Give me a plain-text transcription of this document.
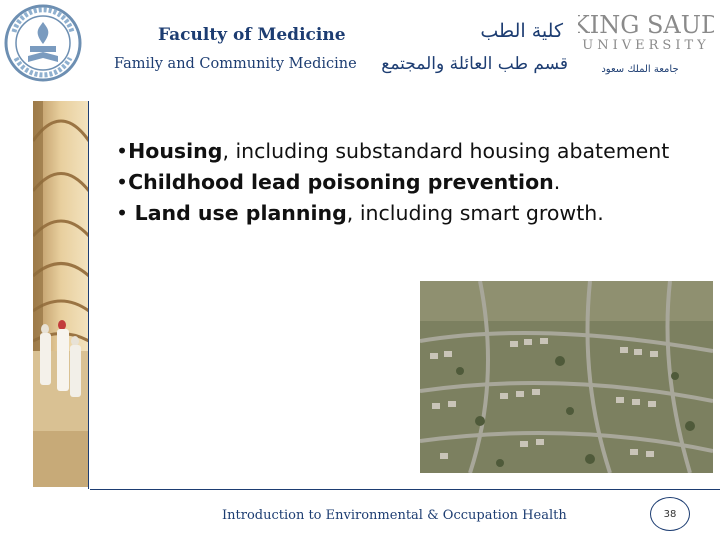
Faculty of Medicine
Family and Community Medicine
كلية الطب
قسم طب العائلة والمجتمع
KING SAUD
UNIVERSITY
جامعة الملك سعود

•Housing, including substandard housing abatement

•Childhood lead poisoning prevention.

• Land use planning, including smart growth.

Introduction to Environmental & Occupation Health	38
